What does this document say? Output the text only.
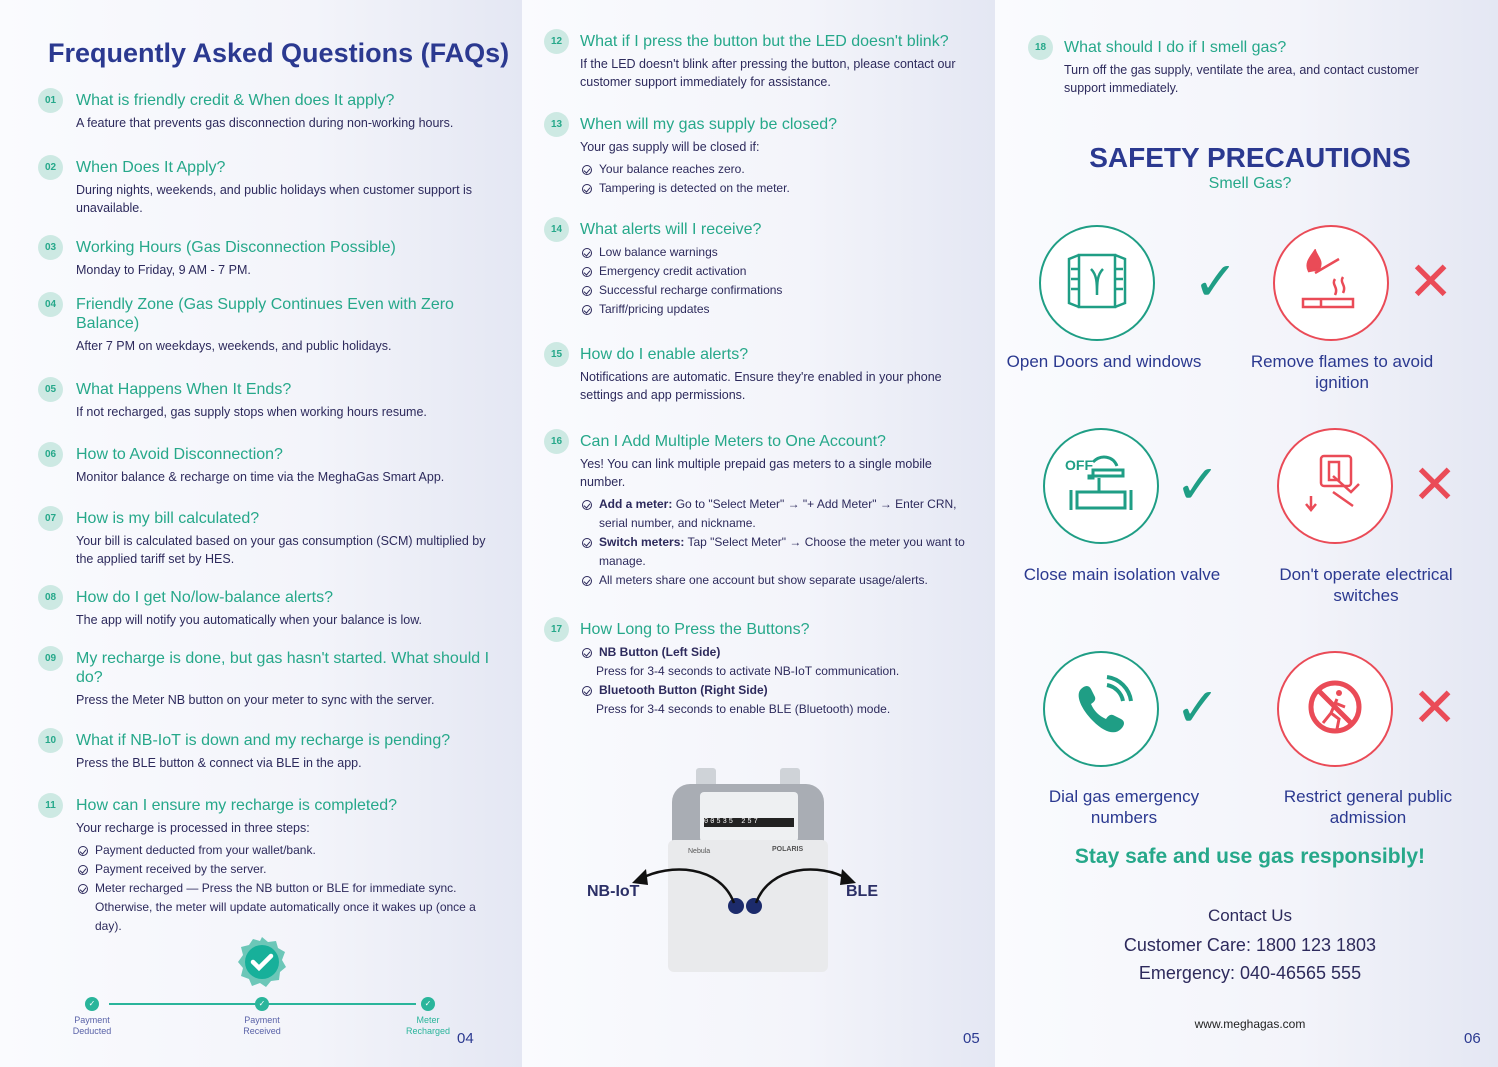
Frequently Asked Questions (FAQs)
01	What is friendly credit & When does It apply?
A feature that prevents gas disconnection during non-working hours.
02	When Does It Apply?
During nights, weekends, and public holidays when customer support is unavailable.
03	Working Hours (Gas Disconnection Possible)
Monday to Friday, 9 AM - 7 PM.
04	Friendly Zone (Gas Supply Continues Even with Zero Balance)
After 7 PM on weekdays, weekends, and public holidays.
05	What Happens When It Ends?
If not recharged, gas supply stops when working hours resume.
06	How to Avoid Disconnection?
Monitor balance & recharge on time via the MeghaGas Smart App.
07	How is my bill calculated?
Your bill is calculated based on your gas consumption (SCM) multiplied by the applied tariff set by HES.
08	How do I get No/low-balance alerts?
The app will notify you automatically when your balance is low.
09	My recharge is done, but gas hasn't started. What should I do?
Press the Meter NB button on your meter to sync with the server.
10	What if NB-IoT is down and my recharge is pending?
Press the BLE button & connect via BLE in the app.
11	How can I ensure my recharge is completed?
Your recharge is processed in three steps:
Payment deducted from your wallet/bank.
Payment received by the server.
Meter recharged — Press the NB button or BLE for immediate sync. Otherwise, the meter will update automatically once it wakes up (once a day).
12	What if I press the button but the LED doesn't blink?
If the LED doesn't blink after pressing the button, please contact our customer support immediately for assistance.
13	When will my gas supply be closed?
Your gas supply will be closed if:
Your balance reaches zero.
Tampering is detected on the meter.
14	What alerts will I receive?
Low balance warnings
Emergency credit activation
Successful recharge confirmations
Tariff/pricing updates
15	How do I enable alerts?
Notifications are automatic. Ensure they're enabled in your phone settings and app permissions.
16	Can I Add Multiple Meters to One Account?
Yes! You can link multiple prepaid gas meters to a single mobile number.
Add a meter: Go to "Select Meter" → "+ Add Meter" → Enter CRN, serial number, and nickname.
Switch meters: Tap "Select Meter" → Choose the meter you want to manage.
All meters share one account but show separate usage/alerts.
17	How Long to Press the Buttons?
NB Button (Left Side)
Press for 3-4 seconds to activate NB-IoT communication.
Bluetooth Button (Right Side)
Press for 3-4 seconds to enable BLE (Bluetooth) mode.
18	What should I do if I smell gas?
Turn off the gas supply, ventilate the area, and contact customer support immediately.
✓
Payment Deducted
✓
Payment Received
✓
Meter Recharged
00535 257
Nebula	POLARIS
NB-IoT	BLE
SAFETY PRECAUTIONS
Smell Gas?
✓
Open Doors and windows
✕
Remove flames to avoid ignition
OFF ✓
Close main isolation valve
✕
Don't operate electrical switches
✓
Dial gas emergency numbers
✕
Restrict general public admission
Stay safe and use gas responsibly!
Contact Us
Customer Care: 1800 123 1803
Emergency: 040-46565 555
www.meghagas.com
04	05	06
